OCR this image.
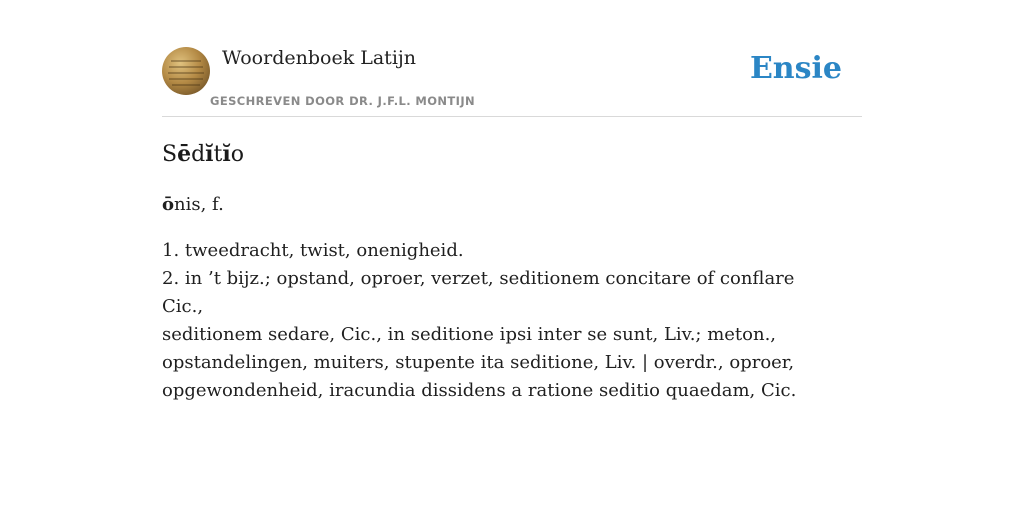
Woordenboek Latijn
GESCHREVEN DOOR DR. J.F.L. MONTIJN
Ensie
Sēdĭtĭo

ōnis, f.

1. tweedracht, twist, onenigheid.
2. in ’t bijz.; opstand, oproer, verzet, seditionem concitare of conflare Cic.,
seditionem sedare, Cic., in seditione ipsi inter se sunt, Liv.; meton.,
opstandelingen, muiters, stupente ita seditione, Liv. | overdr., oproer,
opgewondenheid, iracundia dissidens a ratione seditio quaedam, Cic.
